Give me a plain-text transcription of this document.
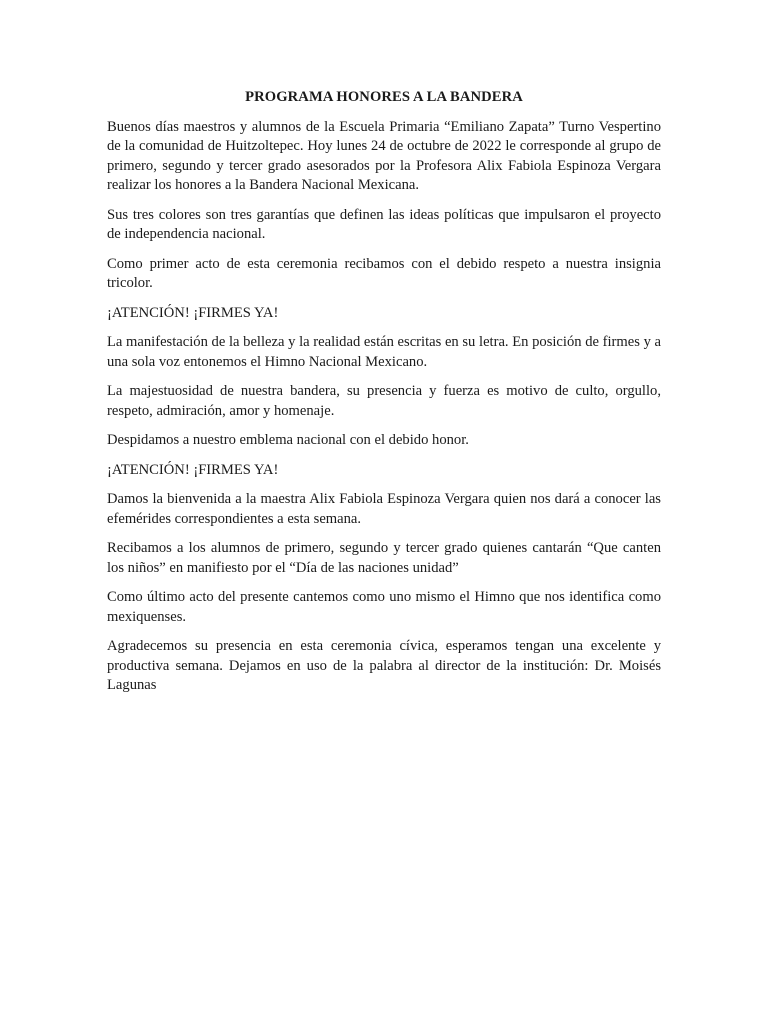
PROGRAMA HONORES A LA BANDERA

Buenos días maestros y alumnos de la Escuela Primaria “Emiliano Zapata” Turno Vespertino de la comunidad de Huitzoltepec. Hoy lunes 24 de octubre de 2022 le corresponde al grupo de primero, segundo y tercer grado asesorados por la Profesora Alix Fabiola Espinoza Vergara realizar los honores a la Bandera Nacional Mexicana.

Sus tres colores son tres garantías que definen las ideas políticas que impulsaron el proyecto de independencia nacional.

Como primer acto de esta ceremonia recibamos con el debido respeto a nuestra insignia tricolor.

¡ATENCIÓN! ¡FIRMES YA!

La manifestación de la belleza y la realidad están escritas en su letra. En posición de firmes y a una sola voz entonemos el Himno Nacional Mexicano.

La majestuosidad de nuestra bandera, su presencia y fuerza es motivo de culto, orgullo, respeto, admiración, amor y homenaje.

Despidamos a nuestro emblema nacional con el debido honor.

¡ATENCIÓN! ¡FIRMES YA!

Damos la bienvenida a la maestra Alix Fabiola Espinoza Vergara quien nos dará a conocer las efemérides correspondientes a esta semana.

Recibamos a los alumnos de primero, segundo y tercer grado quienes cantarán “Que canten los niños” en manifiesto por el “Día de las naciones unidad”

Como último acto del presente cantemos como uno mismo el Himno que nos identifica como mexiquenses.

Agradecemos su presencia en esta ceremonia cívica, esperamos tengan una excelente y productiva semana. Dejamos en uso de la palabra al director de la institución: Dr. Moisés Lagunas
